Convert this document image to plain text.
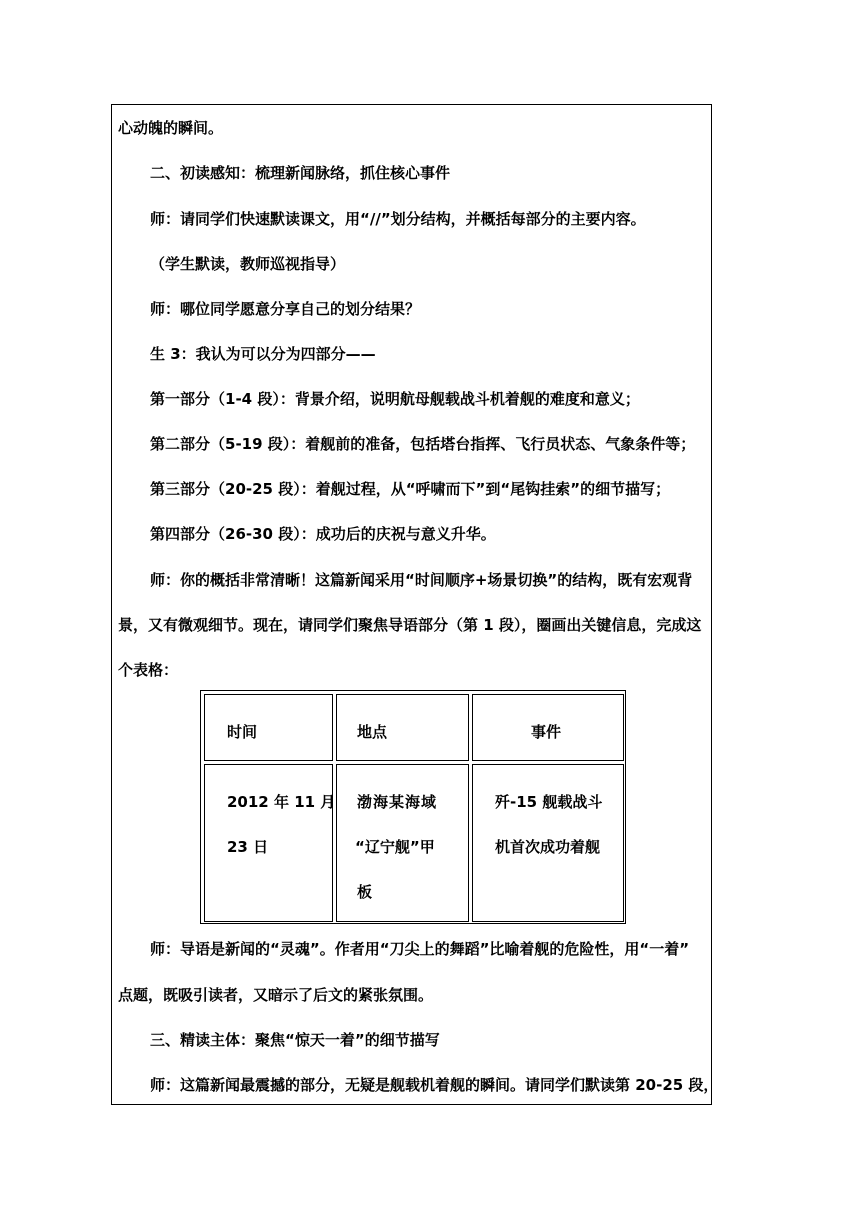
心动魄的瞬间。
二、初读感知：梳理新闻脉络，抓住核心事件
师：请同学们快速默读课文，用“//”划分结构，并概括每部分的主要内容。
（学生默读，教师巡视指导）
师：哪位同学愿意分享自己的划分结果？
生 3：我认为可以分为四部分——
第一部分（1-4 段）：背景介绍，说明航母舰载战斗机着舰的难度和意义；
第二部分（5-19 段）：着舰前的准备，包括塔台指挥、飞行员状态、气象条件等；
第三部分（20-25 段）：着舰过程，从“呼啸而下”到“尾钩挂索”的细节描写；
第四部分（26-30 段）：成功后的庆祝与意义升华。
师：你的概括非常清晰！这篇新闻采用“时间顺序+场景切换”的结构，既有宏观背
景，又有微观细节。现在，请同学们聚焦导语部分（第 1 段），圈画出关键信息，完成这
个表格：
时间	地点	事件
2012 年 11 月
23 日
渤海某海域
“辽宁舰”甲
板
歼-15 舰载战斗
机首次成功着舰
师：导语是新闻的“灵魂”。作者用“刀尖上的舞蹈”比喻着舰的危险性，用“一着”
点题，既吸引读者，又暗示了后文的紧张氛围。
三、精读主体：聚焦“惊天一着”的细节描写
师：这篇新闻最震撼的部分，无疑是舰载机着舰的瞬间。请同学们默读第 20-25 段，
